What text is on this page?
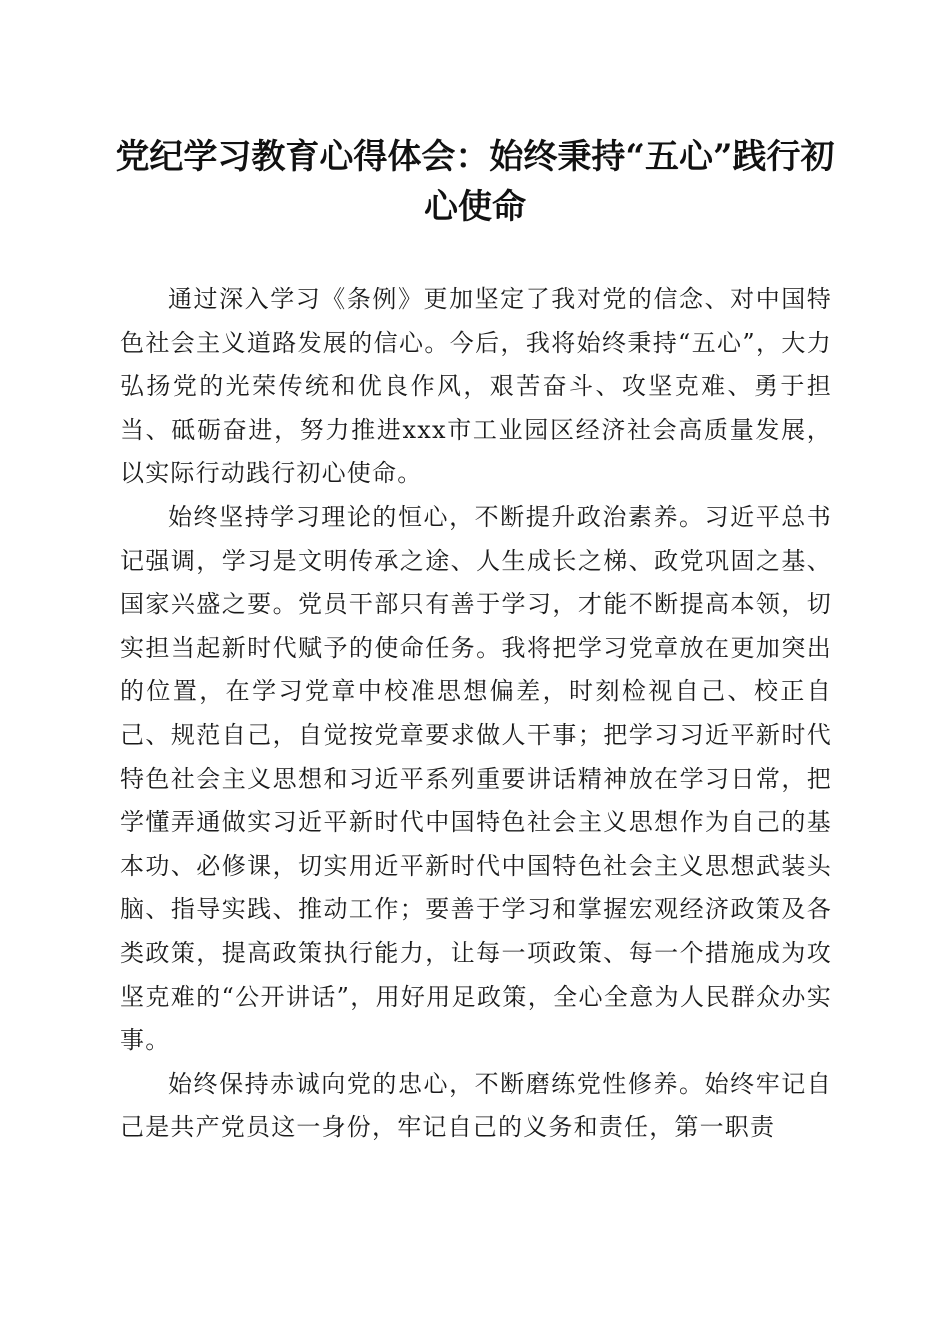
党纪学习教育心得体会：始终秉持“五心”践行初心使命

通过深入学习《条例》更加坚定了我对党的信念、对中国特色社会主义道路发展的信心。今后，我将始终秉持“五心”，大力弘扬党的光荣传统和优良作风，艰苦奋斗、攻坚克难、勇于担当、砥砺奋进，努力推进xxx市工业园区经济社会高质量发展，以实际行动践行初心使命。

始终坚持学习理论的恒心，不断提升政治素养。习近平总书记强调，学习是文明传承之途、人生成长之梯、政党巩固之基、国家兴盛之要。党员干部只有善于学习，才能不断提高本领，切实担当起新时代赋予的使命任务。我将把学习党章放在更加突出的位置，在学习党章中校准思想偏差，时刻检视自己、校正自己、规范自己，自觉按党章要求做人干事；把学习习近平新时代特色社会主义思想和习近平系列重要讲话精神放在学习日常，把学懂弄通做实习近平新时代中国特色社会主义思想作为自己的基本功、必修课，切实用近平新时代中国特色社会主义思想武装头脑、指导实践、推动工作；要善于学习和掌握宏观经济政策及各类政策，提高政策执行能力，让每一项政策、每一个措施成为攻坚克难的“公开讲话”，用好用足政策，全心全意为人民群众办实事。

始终保持赤诚向党的忠心，不断磨练党性修养。始终牢记自己是共产党员这一身份，牢记自己的义务和责任，第一职责
